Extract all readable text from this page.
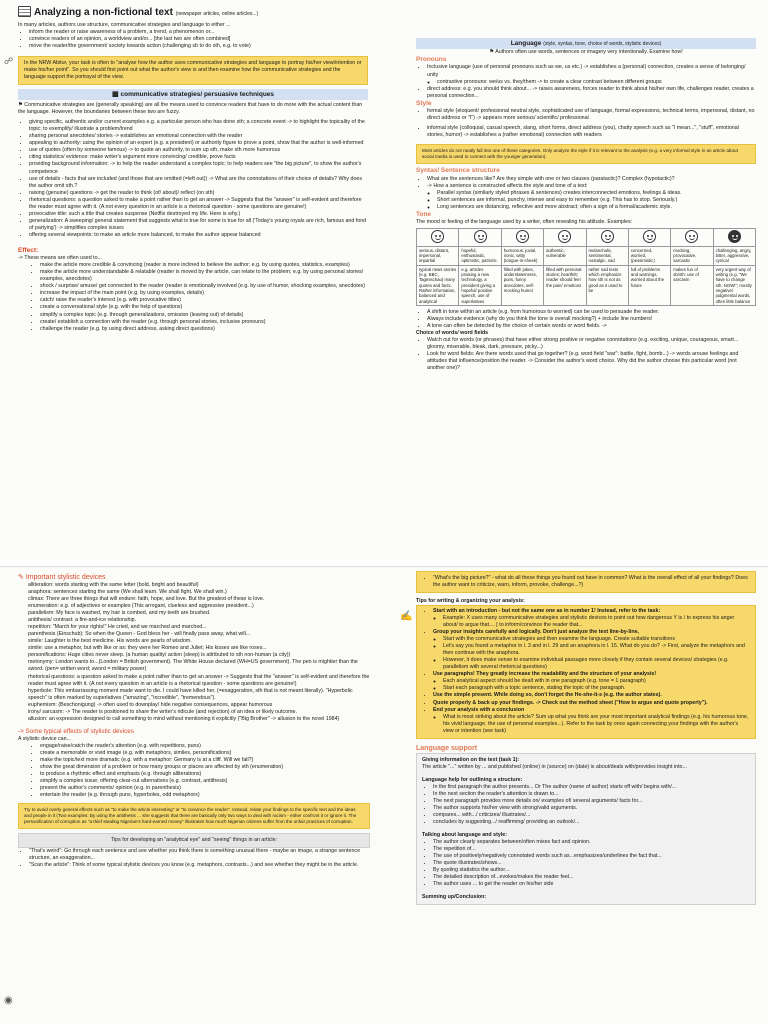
Analyzing a non-fictional text (newspaper articles, online articles...)
In many articles, authors use structure, communicative strategies and language to either ...
• inform the reader or raise awareness of a problem, a trend, a phenomenon or...
• convince readers of an opinion, a worldview and/or... [the last two are often combined]
• move the reader/the government/ society towards action (challenging sb to do sth, e.g. to vote)
In the NRW Abitur, your task is often to "analyse how the author uses communicative strategies and language to portray his/her view/intention or make his/her point". So you should first point out what the author's view is and then examine how the communicative strategies and the language support the portrayal of the view.
▩ communicative strategies/ persuasive techniques
⚑ Communicative strategies are (generally speaking) are all the means used to convince readers that have to do more with the actual content than the language. However, the boundaries between these two are fuzzy.
• giving specific, authentic and/or current examples e.g. a particular person who has done sth; a concrete event -> to highlight the topicality of the topic; to exemplify/ illustrate a problem/trend
• sharing personal anecdotes/ stories -> establishes an emotional connection with the reader
• appealing to authority: using the opinion of an expert (e.g. a president) or authority figure to prove a point, show that the author is well-informed
• use of quotes (often by someone famous) -> to quote an authority, to sum up sth, make sth more humorous
• citing statistics/ evidence: make writer's argument more convincing/ credible, prove facts
• providing background information: -> to help the reader understand a complex topic; to help readers see "the big picture", to show the author's competence
• use of details - facts that are included (and those that are omitted (=left out)) -> What are the connotations of their choice of details? Why does the author omit sth.?
• raising (genuine) questions -> get the reader to think (of/ about)/ reflect (on sth)
• rhetorical questions: a question asked to make a point rather than to get an answer -> Suggests that the "answer" is self-evident and therefore the reader must agree with it. (A not every question in an article is a rhetorical question - some questions are genuine!)
• provocative title: such a title that creates suspense (Netflix destroyed my life. Here is why.)
• generalization: A sweeping/ general statement that suggests what is true for some is true for all ('Today's young royals are rich, famous and fond of partying') -> simplifies complex issues
• offering several viewpoints: to make an article more balanced, to make the author appear balanced
Effect:
-> These means are often used to...
• make the article more credible & convincing (reader is more inclined to believe the author; e.g. by using quotes, statistics, examples)
• make the article more understandable & relatable (reader is moved by the article, can relate to the problem; e.g. by using personal stories/ examples, anecdotes)
• shock / surprise/ amuse/ get connected to the reader (reader is emotionally involved (e.g. by use of humor, shocking examples, anecdotes)
• increase the impact of the main point (e.g. by using examples, details)
• catch/ raise the reader's interest (e.g. with provocative titles)
• create a conversational style (e.g. with the help of questions)
• simplify a complex topic (e.g. through generalizations, omission (leaving out) of details)
• create/ establish a connection with the reader (e.g. through personal stories, inclusive pronouns)
• challenge the reader (e.g. by using direct address, asking direct questions)
☍
Language (style, syntax, tone, choice of words, stylistic devices)
⚑ Authors often use words, sentences or imagery very intentionally. Examine how!
Pronouns
• Inclusive language (use of personal pronouns such as we, us etc.) -> establishes a (personal) connection, creates a sense of belonging/ unity
◦ contrastive pronouns: we/us vs. they/them -> to create a clear contrast between different groups
• direct address: e.g. you should think about... -> raises awareness, forces reader to think about his/her own life, challenges reader, creates a personal connection...
Style
• formal style (eloquent/ professional neutral style, sophisticated use of language, formal expressions, technical terms, impersonal, distant, no direct address or "I") -> appears more serious/ scientific/ professional
• informal style (colloquial, casual speech, slang, short forms, direct address (you), chatty speech such as "I mean...", "stuff", emotional stories, humor) -> establishes a (rather emotional) connection with readers
Most articles do not neatly fall into one of these categories. Only analyze the style if it is relevant to the analysis (e.g. a very informal style in an article about social media is used to connect with the younger generation).
Syntax/ Sentence structure
• What are the sentences like? Are they simple with one or two clauses (paratactic)? Complex (hypotactic)?
• -> How a sentence is constructed affects the style and tone of a text:
◦ Parallel syntax (similarly styled phrases & sentences) creates interconnected emotions, feelings & ideas.
◦ Short sentences are informal, punchy, intense and easy to remember (e.g. This has to stop. Seriously.)
◦ Long sentences are distancing, reflective and more abstract; often a sign of a formal/academic style.
Tone
The mood or feeling of the language used by a writer, often revealing his attitude. Examples:

serious, distant, impersonal, impartial	hopeful, enthusiastic, optimistic, patriotic	humorous, jovial, ironic, witty (tongue-in-cheek)	authentic, vulnerable	melancholic, sentimental, nostalgic, sad	concerned, worried, (pessimistic)	mocking, provocative, sarcastic	challenging, angry, bitter, aggressive, cynical
typical news stories (e.g. BBC, Tagesschau) many quotes and facts. Rather information, balanced and analytical	e.g. articles praising a new technology, a president giving a hopeful/ positive speech, use of superlatives	filled with jokes, understatements, puns, funny anecdotes, self-mocking humor	filled with personal stories; heartfelt; reader should feel the pain/ emotions	rather sad texts which emphasize how sth is not as good as it used to be	full of problems and warnings, worried about the future	makes fun of sb/sth: use of sarcasm	very urgent way of writing (e.g. "We have to change sth. NOW!"; mostly negative/ judgmental words, often little balance
• A shift in tone within an article (e.g. from humorous to worried) can be used to persuade the reader.
• Always include evidence (why do you think the tone is overall mocking?) + include line numbers!
• A tone can often be detected by the choice of certain words or word fields. ->
Choice of words/ word fields
• Watch out for words (or phrases) that have either strong positive or negative connotations (e.g. exciting, unique, courageous, smart... gloomy, miserable, bleak, dark, pressure, picky...)
• Look for word fields: Are there words used that go together? (e.g. word field "war": battle, fight, bomb...) -> words arouse feelings and attitudes that influence/position the reader. -> Consider the author's word choice. Why did the author choose this particular word (not another one)?
✎ Important stylistic devices
alliteration: words starting with the same letter (bold, bright and beautiful)
anaphora: sentences starting the same (We shall learn. We shall fight. We shall win.)
climax: There are three things that will endure: faith, hope, and love. But the greatest of these is love.
enumeration: e.g. of adjectives or examples (This arrogant, clueless and aggressive president...)
parallelism: My face is washed, my hair is combed, and my teeth are brushed.
antithesis/ contrast: a fire-and-ice relationship.
repetition: "March for your rights!" He cried, and we marched and marched...
parenthesis (Einschub): So when the Queen - God bless her - will finally pass away, what will...
simile: Laughter is the best medicine. His words are pearls of wisdom.
simile: use a metaphor, but with like or as: they were her Romeo and Juliet; His kisses are like roses...
personifications: Huge cities never sleep. (a human quality/ action (sleep) is attributed to sth non-human (a city))
metonymy: London wants to...(London = British government). The White House declared (WH=US government). The pen is mightier than the sword. (pen= written word; sword = military power)
rhetorical questions: a question asked to make a point rather than to get an answer -> Suggests that the "answer" is self-evident and therefore the reader must agree with it. (A not every question in an article is a rhetorical question - some questions are genuine!)
hyperbole: This embarrassing moment made want to die. I could have killed her. (=exaggeration, sth that is not meant literally). "Hyperbolic speech" is often marked by superlatives ("amazing", "incredible", "tremendous").
euphemism: (Beschonigung) -> often used to downplay/ hide negative consequences, appear humorous
irony/ sarcasm: -> The reader is positioned to share the writer's ridicule (and rejection) of an idea or likely outcome.
allusion: an expression designed to call something to mind without mentioning it explicitly ("Big Brother" -> allusion to the novel 1984)
-> Some typical effects of stylistic devices
A stylistic device can...
• engage/raise/catch the reader's attention (e.g. with repetitions, puns)
• create a memorable or vivid image (e.g. with metaphors, similes, personifications)
• make the topic/text more dramatic (e.g. with a metaphor: Germany is at a cliff. Will we fall?)
• show the great dimension of a problem or how many groups or places are affected by sth (enumeration)
• to produce a rhythmic effect and emphasis (e.g. through alliterations)
• simplify a complex issue; offering clear-cut alternatives (e.g. contrast, antithesis)
• present the author's comments/ opinion (e.g. in parenthesis)
• entertain the reader (e.g. through puns, hyperboles, odd metaphors)
Try to avoid overly general effects such as "to make the article interesting" or "to convince the reader". Instead, relate your findings to the specific text and the ideas and people in it (Two examples: By using the antithesis ... she suggests that there are basically only two ways to deal with racism - either confront it or ignore it. The personification of corruption as "a thief stealing Nigerian's hard-earned money" illustrates how much Nigerian citizens suffer from the unfair practices of corruption.
Tips for developing an "analytical eye" and "seeing" things in an article:
• "That's weird": Go through each sentence and see whether you think there is something unusual there - maybe an image, a strange sentence structure, an exaggeration...
• "Scan the article": Think of some typical stylistic devices you know (e.g. metaphors, contrasts...) and see whether they might be in the article.
◉
• "What's the big picture?" - what do all these things you found out have in common? What is the overall effect of all your findings? Does the author want to criticize, warn, inform, provoke, challenge...?)
Tips for writing & organizing your analysis:
• Start with an introduction - but not the same one as in number 1! Instead, refer to the task:
◦ Example: X uses many communicative strategies and stylistic devices to point out how dangerous Y is / to express his anger about/ to argue that.... [ to inform/convince the reader that...
• Group your insights carefully and logically. Don't just analyze the text line-by-line,
◦ Start with the communicative strategies and then examine the language. Create suitable transitions
◦ Let's say you found a metaphor in l. 3 and in l. 29 and an anaphora in l. 15. What do you do? -> First, analyze the metaphors and then continue with the anaphora.
◦ However, it does make sense to examine individual passages more closely if they contain several devices/ strategies (e.g. parallelism with several rhetorical questions)
• Use paragraphs! They greatly increase the readability and the structure of your analysis!
◦ Each analytical aspect should be dealt with in one paragraph (e.g. tone = 1 paragraph)
◦ Start each paragraph with a topic sentence, stating the topic of the paragraph.
• Use the simple present. While doing so, don't forget the He-she-it-s (e.g. the author states).
• Quote properly & back up your findings. -> Check out the method sheet ("How to argue and quote properly").
• End your analysis with a conclusion
◦ What is most striking about the article? Sum up what you think are your most important analytical findings (e.g. his humorous tone, his vivid language, the use of personal examples...). Refer to the task by once again connecting your findings with the author's view or intention (see task)
Language support
Giving information on the text (task 1):
The article "..." written by ... and published (online) in (source) on (date) is about/deals with/provides insight into...
Language help for outlining a structure:
• In the first paragraph the author presents... Or The author (name of author) starts off with/ begins with/...
• In the next section the reader's attention is drawn to...
• The next paragraph provides more details on/ examples of/ several arguments/ facts for...
• The author supports his/her view with strong/valid arguments.
• compares... with.../ criticizes/ illustrates/...
• concludes by suggesting.../ reaffirming/ providing an outlook/...
Talking about language and style:
• The author clearly separates between/often mixes fact and opinion.
• The repetition of...
• The use of positively/negatively connotated words such as...emphasizes/underlines the fact that...
• The quote illustrates/shows...
• By quoting statistics the author...
• The detailed description of...evokes/makes the reader feel...
• The author uses ... to get the reader on his/her side
Summing up/Conclusion:
✍
